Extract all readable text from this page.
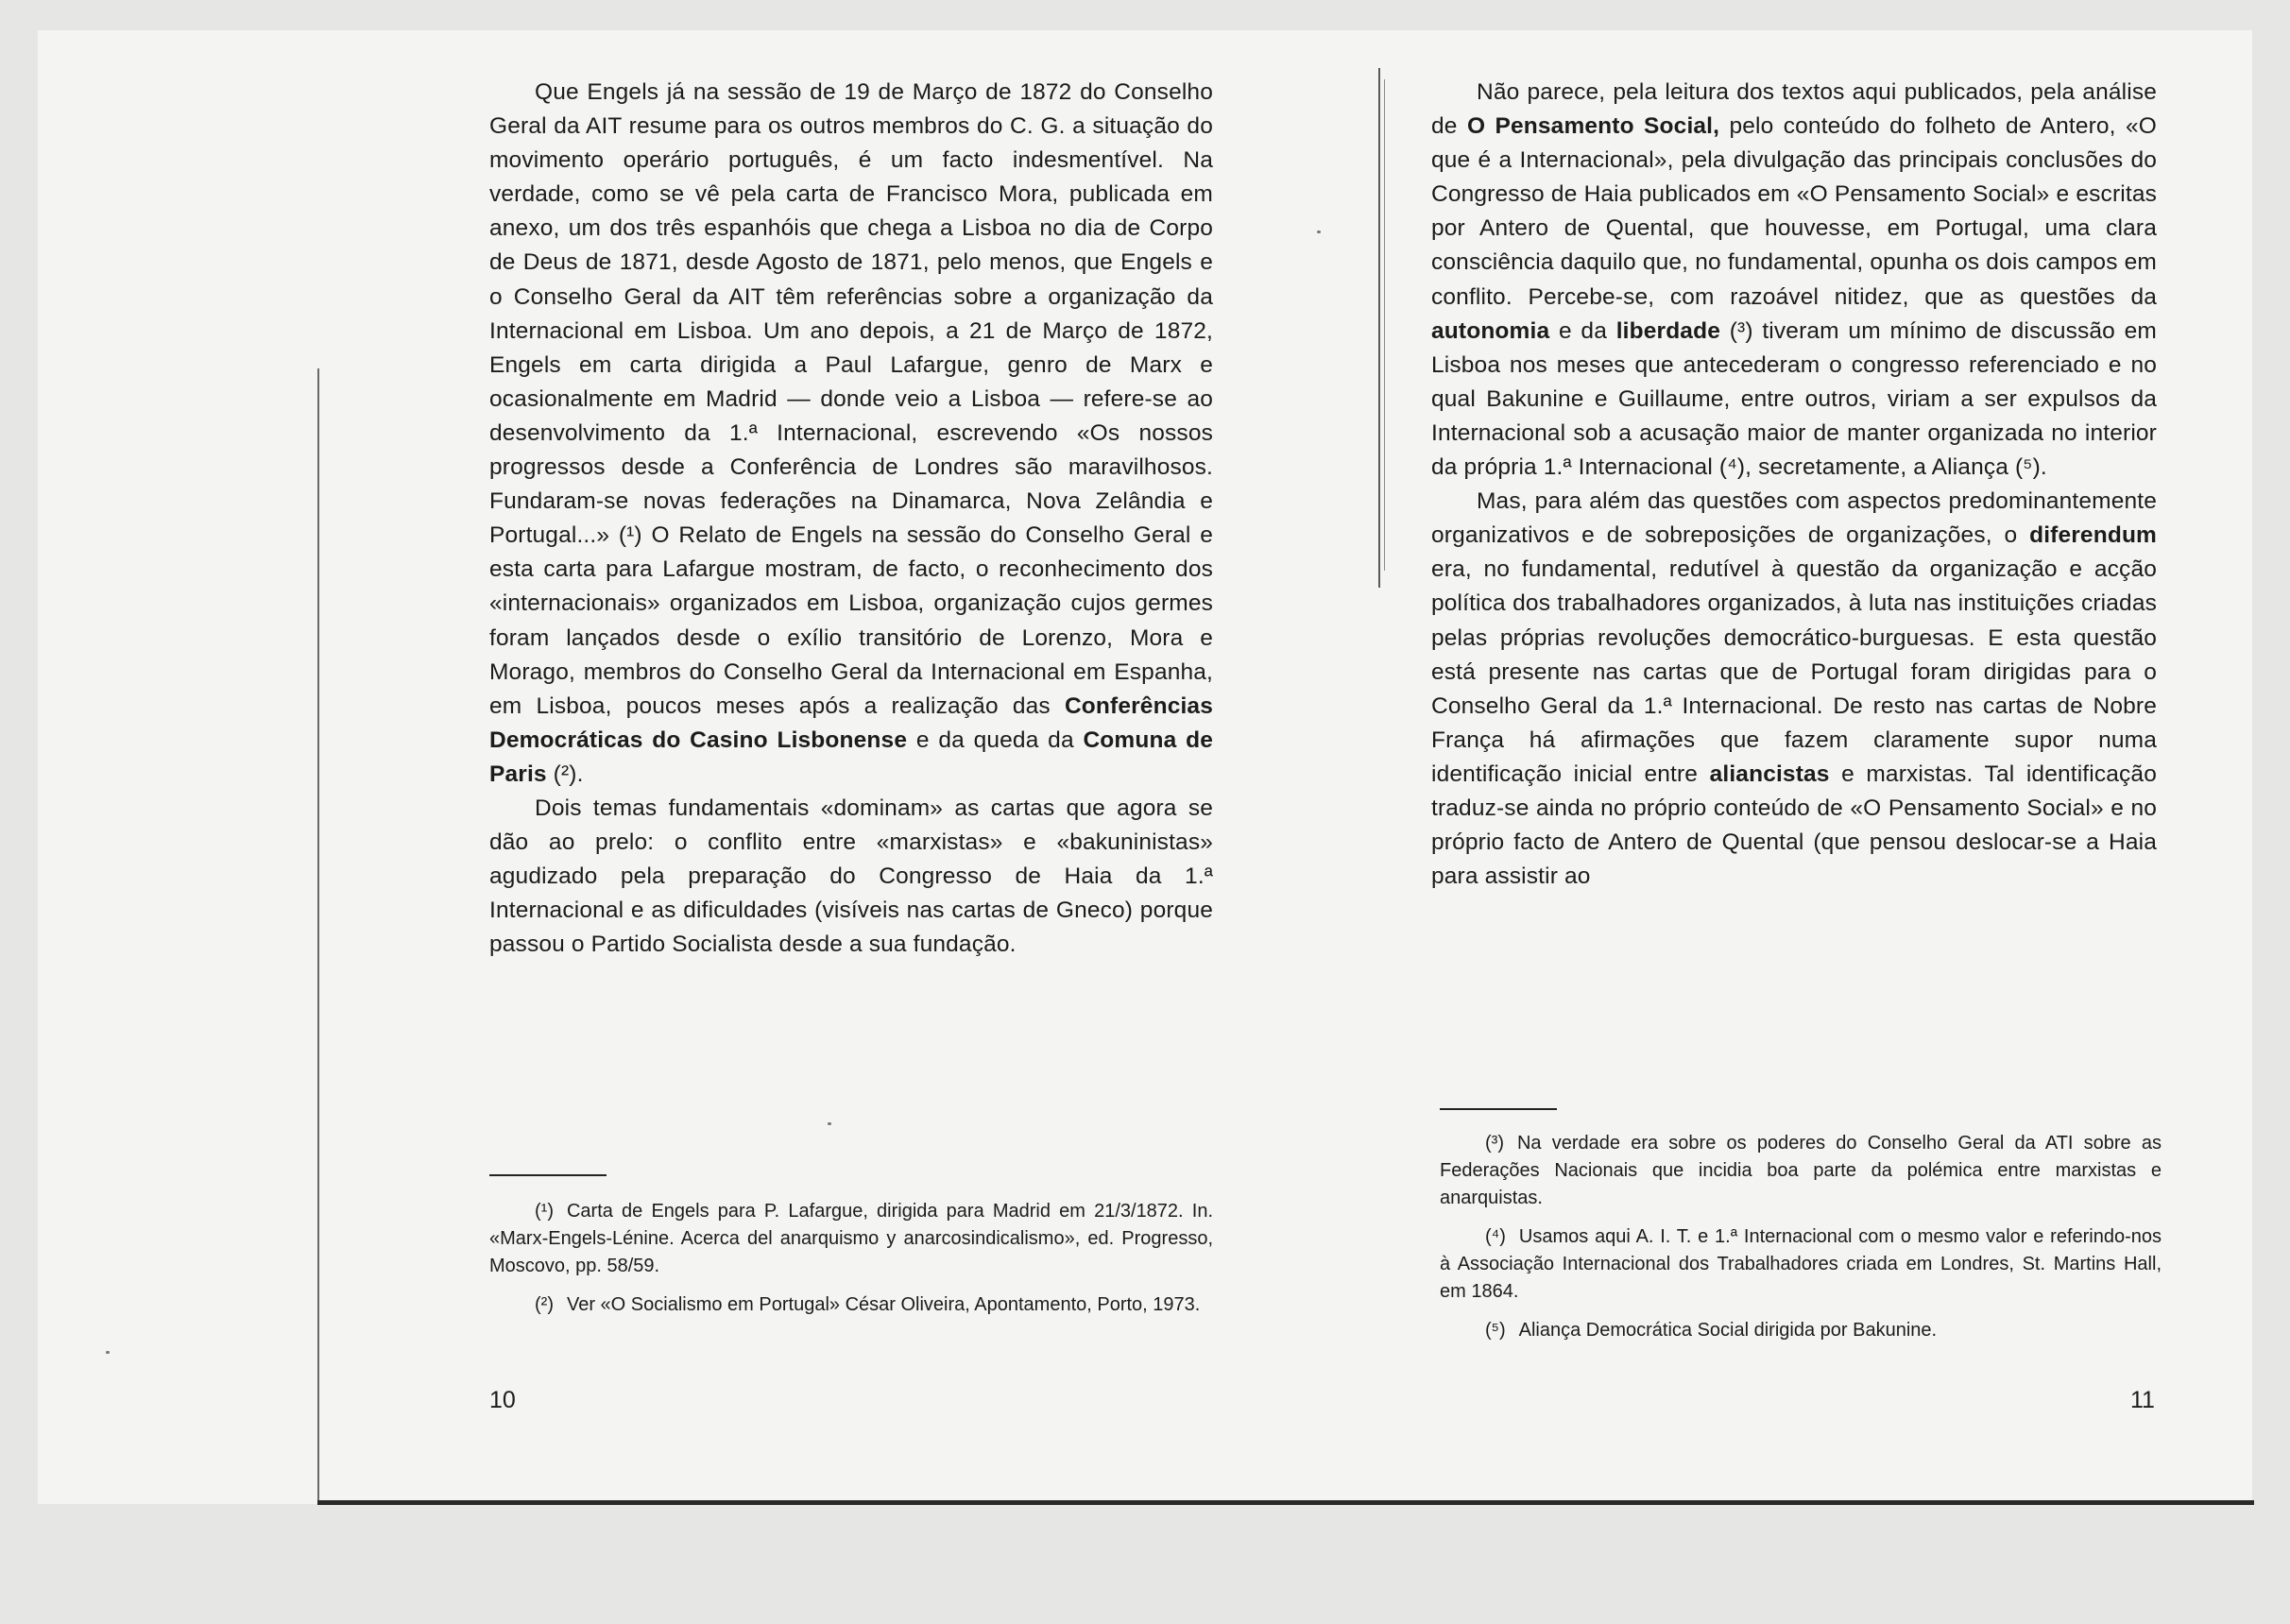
Que Engels já na sessão de 19 de Março de 1872 do Conselho Geral da AIT resume para os outros membros do C. G. a situação do movimento operário português, é um facto indesmentível. Na verdade, como se vê pela carta de Francisco Mora, publicada em anexo, um dos três espanhóis que chega a Lisboa no dia de Corpo de Deus de 1871, desde Agosto de 1871, pelo menos, que Engels e o Conselho Geral da AIT têm referências sobre a organização da Internacional em Lisboa. Um ano depois, a 21 de Março de 1872, Engels em carta dirigida a Paul Lafargue, genro de Marx e ocasionalmente em Madrid — donde veio a Lisboa — refere-se ao desenvolvimento da 1.ª Internacional, escrevendo «Os nossos progressos desde a Conferência de Londres são maravilhosos. Fundaram-se novas federações na Dinamarca, Nova Zelândia e Portugal...» (¹) O Relato de Engels na sessão do Conselho Geral e esta carta para Lafargue mostram, de facto, o reconhecimento dos «internacionais» organizados em Lisboa, organização cujos germes foram lançados desde o exílio transitório de Lorenzo, Mora e Morago, membros do Conselho Geral da Internacional em Espanha, em Lisboa, poucos meses após a realização das Conferências Democráticas do Casino Lisbonense e da queda da Comuna de Paris (²).

Dois temas fundamentais «dominam» as cartas que agora se dão ao prelo: o conflito entre «marxistas» e «bakuninistas» agudizado pela preparação do Congresso de Haia da 1.ª Internacional e as dificuldades (visíveis nas cartas de Gneco) porque passou o Partido Socialista desde a sua fundação.

(¹) Carta de Engels para P. Lafargue, dirigida para Madrid em 21/3/1872. In. «Marx-Engels-Lénine. Acerca del anarquismo y anarcosindicalismo», ed. Progresso, Moscovo, pp. 58/59.

(²) Ver «O Socialismo em Portugal» César Oliveira, Apontamento, Porto, 1973.

10

Não parece, pela leitura dos textos aqui publicados, pela análise de O Pensamento Social, pelo conteúdo do folheto de Antero, «O que é a Internacional», pela divulgação das principais conclusões do Congresso de Haia publicados em «O Pensamento Social» e escritas por Antero de Quental, que houvesse, em Portugal, uma clara consciência daquilo que, no fundamental, opunha os dois campos em conflito. Percebe-se, com razoável nitidez, que as questões da autonomia e da liberdade (³) tiveram um mínimo de discussão em Lisboa nos meses que antecederam o congresso referenciado e no qual Bakunine e Guillaume, entre outros, viriam a ser expulsos da Internacional sob a acusação maior de manter organizada no interior da própria 1.ª Internacional (⁴), secretamente, a Aliança (⁵).

Mas, para além das questões com aspectos predominantemente organizativos e de sobreposições de organizações, o diferendum era, no fundamental, redutível à questão da organização e acção política dos trabalhadores organizados, à luta nas instituições criadas pelas próprias revoluções democrático-burguesas. E esta questão está presente nas cartas que de Portugal foram dirigidas para o Conselho Geral da 1.ª Internacional. De resto nas cartas de Nobre França há afirmações que fazem claramente supor numa identificação inicial entre aliancistas e marxistas. Tal identificação traduz-se ainda no próprio conteúdo de «O Pensamento Social» e no próprio facto de Antero de Quental (que pensou deslocar-se a Haia para assistir ao

(³) Na verdade era sobre os poderes do Conselho Geral da ATI sobre as Federações Nacionais que incidia boa parte da polémica entre marxistas e anarquistas.

(⁴) Usamos aqui A. I. T. e 1.ª Internacional com o mesmo valor e referindo-nos à Associação Internacional dos Trabalhadores criada em Londres, St. Martins Hall, em 1864.

(⁵) Aliança Democrática Social dirigida por Bakunine.

11
